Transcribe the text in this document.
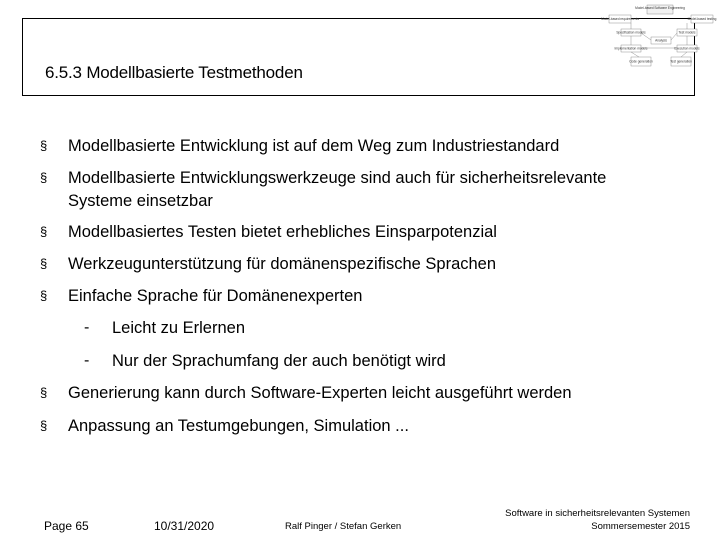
6.5.3 Modellbasierte Testmethoden
Model-based Software Engineering
Model-based requirements	Model-based testing
Specification models	Test models
Analysis
Implementation models	Execution models
Code generation	Test generation
§ Modellbasierte Entwicklung ist auf dem Weg zum Industriestandard
§ Modellbasierte Entwicklungswerkzeuge sind auch für sicherheitsrelevante
Systeme einsetzbar
§ Modellbasiertes Testen bietet erhebliches Einsparpotenzial
§ Werkzeugunterstützung für domänenspezifische Sprachen
§ Einfache Sprache für Domänenexperten
- Leicht zu Erlernen
- Nur der Sprachumfang der auch benötigt wird
§ Generierung kann durch Software-Experten leicht ausgeführt werden
§ Anpassung an Testumgebungen, Simulation ...
Page 65	10/31/2020	Ralf Pinger / Stefan Gerken
Software in sicherheitsrelevanten Systemen
Sommersemester 2015
